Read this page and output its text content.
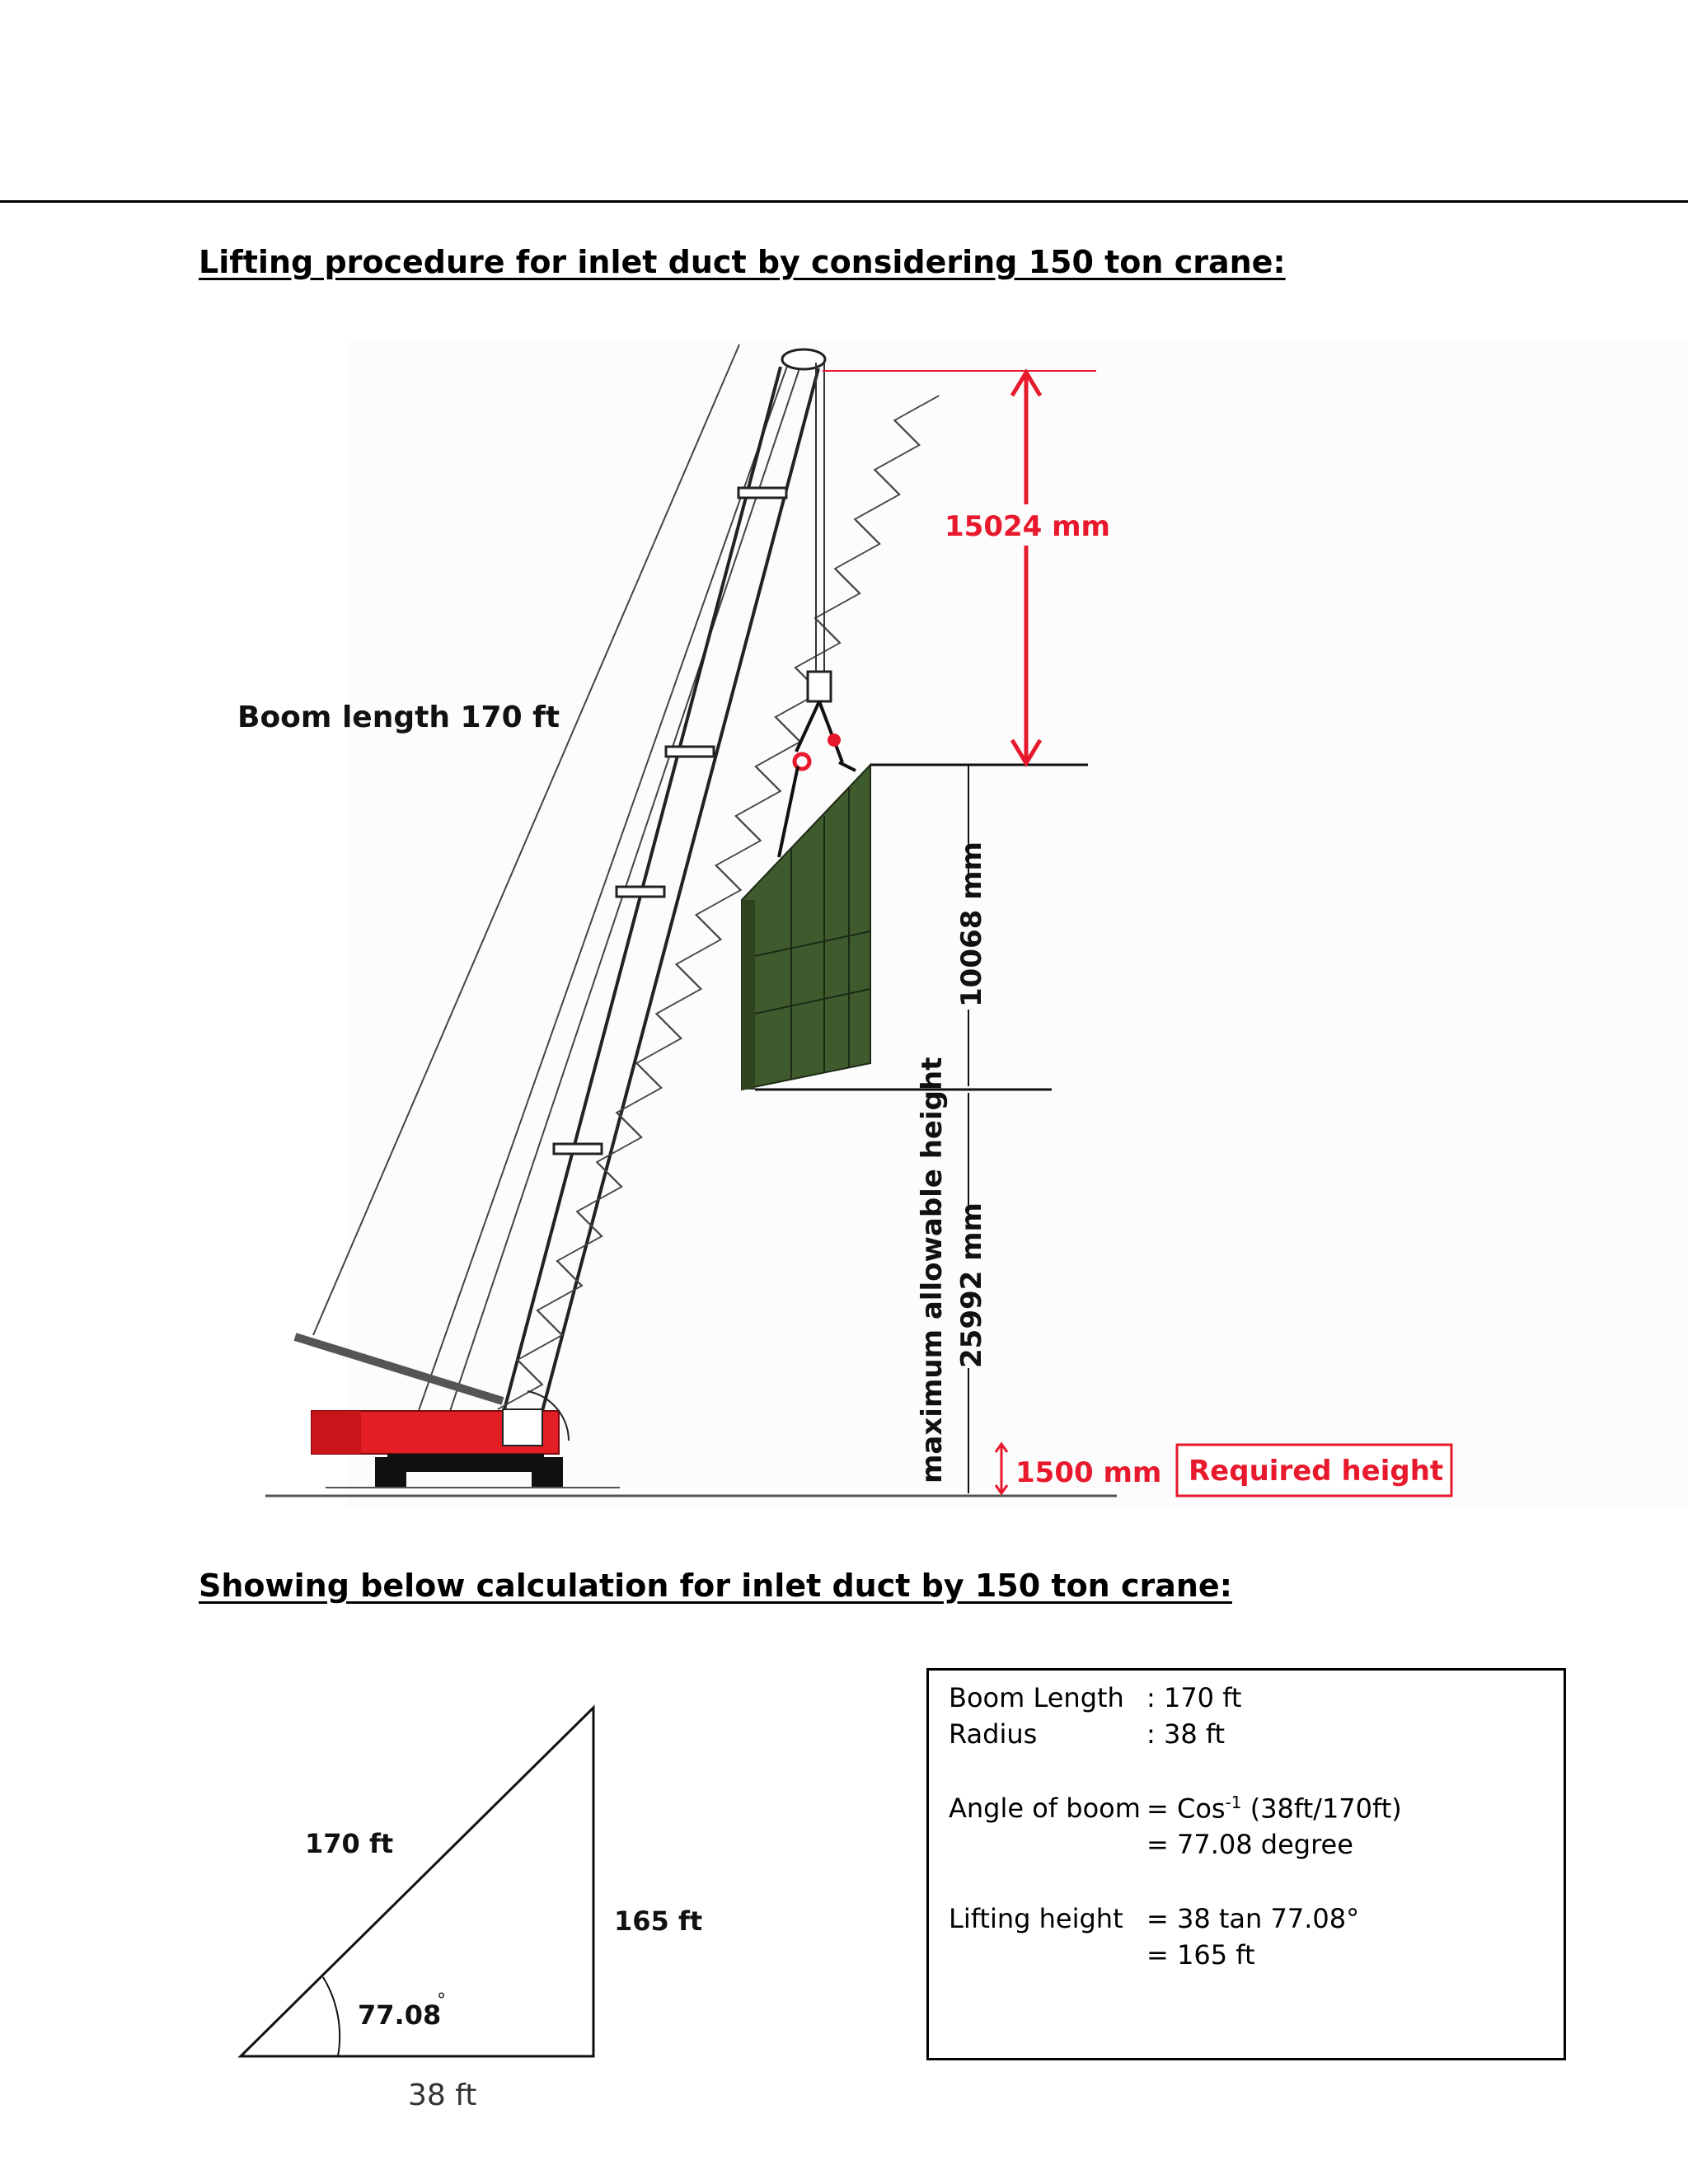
Lifting procedure for inlet duct by considering 150 ton crane:
Boom length 170 ft
15024 mm
10068 mm
maximum allowable height 25992 mm
1500 mm Required height
170 ft
165 ft
77.08
°
38 ft
Showing below calculation for inlet duct by 150 ton crane:
Boom Length : 170 ft
Radius	: 38 ft
Angle of boom = Cos$^{-1}$ (38ft/170ft)
= 77.08 degree
Lifting height = 38 tan 77.08°
= 165 ft
